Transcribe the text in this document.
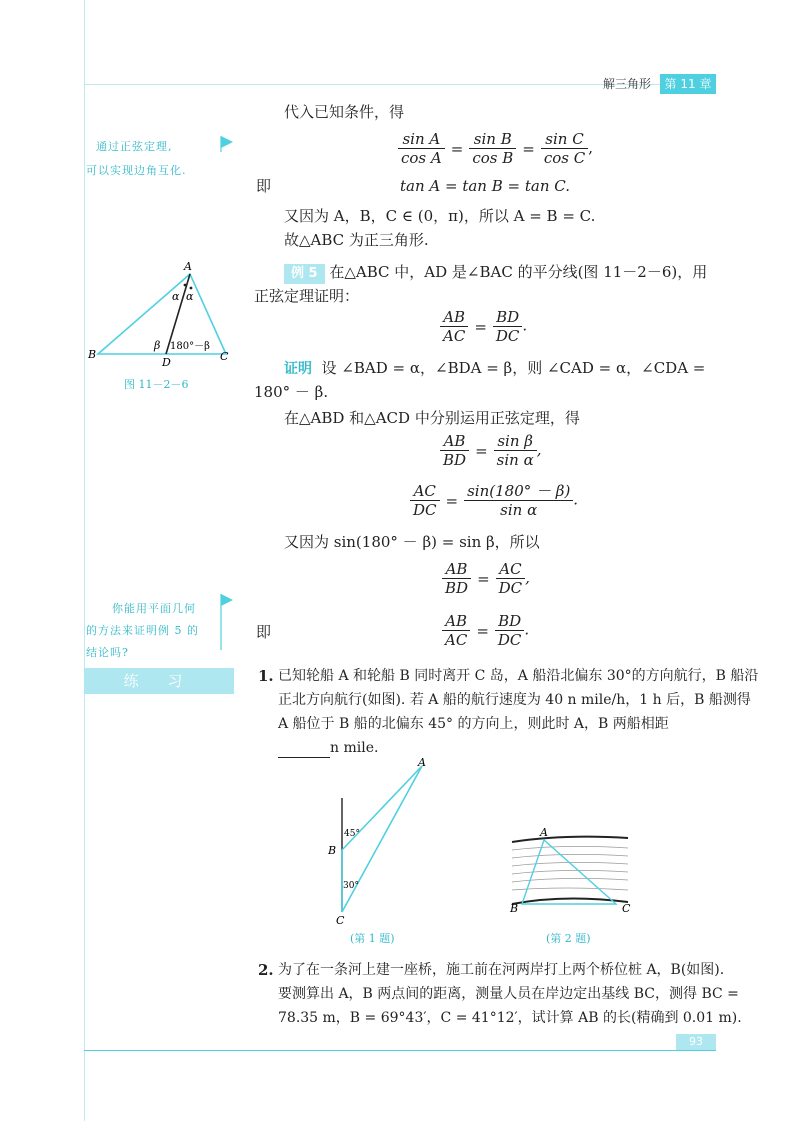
解三角形	第 11 章
通过正弦定理,
可以实现边角互化.
代入已知条件，得
$\frac{\text{sin A}}{\text{cos A}} = \frac{\text{sin B}}{\text{cos B}} = \frac{\text{sin C}}{\text{cos C}}$ ,
即	tan A = tan B = tan C.
又因为 A，B，C ∈ (0，π)，所以 A = B = C.
故△ABC 为正三角形.
A
B	C
D
α α
β 180°－β
图 11－2－6
例 5 在△ABC 中，AD 是∠BAC 的平分线(图 11－2－6)，用
正弦定理证明：
$\frac{AB}{AC} = \frac{BD}{DC}$ .
证明 设 ∠BAD = α，∠BDA = β，则 ∠CAD = α，∠CDA =
180° － β.
在△ABD 和△ACD 中分别运用正弦定理，得
$\frac{AB}{BD} = \frac{\text{sin β}}{\text{sin α}}$ ,
$\frac{AC}{DC} = \frac{\sin(180^\circ - \beta)}{\text{sin α}}$ .
又因为 sin(180° － β) = sin β，所以
$\frac{AB}{BD} = \frac{AC}{DC}$ ,
即	$\frac{AB}{AC} = \frac{BD}{DC}$ .
你能用平面几何
的方法来证明例 5 的
结论吗?
练 习	1. 已知轮船 A 和轮船 B 同时离开 C 岛，A 船沿北偏东 30°的方向航行，B 船沿
正北方向航行(如图). 若 A 船的航行速度为 40 n mile/h，1 h 后，B 船测得
A 船位于 B 船的北偏东 45° 的方向上，则此时 A，B 两船相距
n mile.
A
B
C
45°
30°
(第 1 题)
A
B	C
(第 2 题)
2. 为了在一条河上建一座桥，施工前在河两岸打上两个桥位桩 A，B(如图).
要测算出 A，B 两点间的距离，测量人员在岸边定出基线 BC，测得 BC =
78.35 m，B = 69°43′，C = 41°12′，试计算 AB 的长(精确到 0.01 m).
93
